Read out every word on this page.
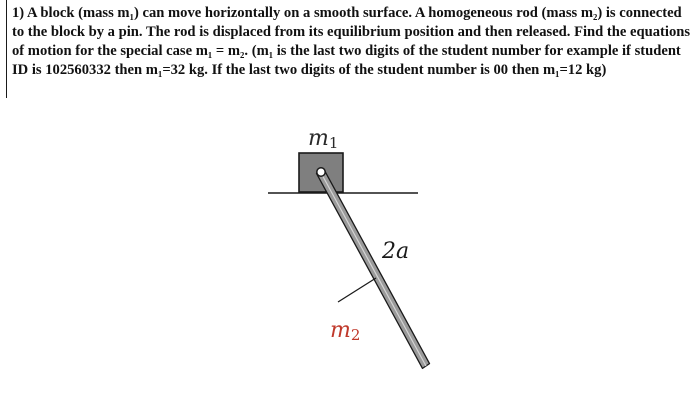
1) A block (mass m₁) can move horizontally on a smooth surface. A homogeneous rod (mass m₂) is connected
to the block by a pin. The rod is displaced from its equilibrium position and then released. Find the equations
of motion for the special case m₁ = m₂. (m₁ is the last two digits of the student number for example if student
ID is 102560332 then m₁=32 kg. If the last two digits of the student number is 00 then m₁=12 kg)

m1
2a
m2
